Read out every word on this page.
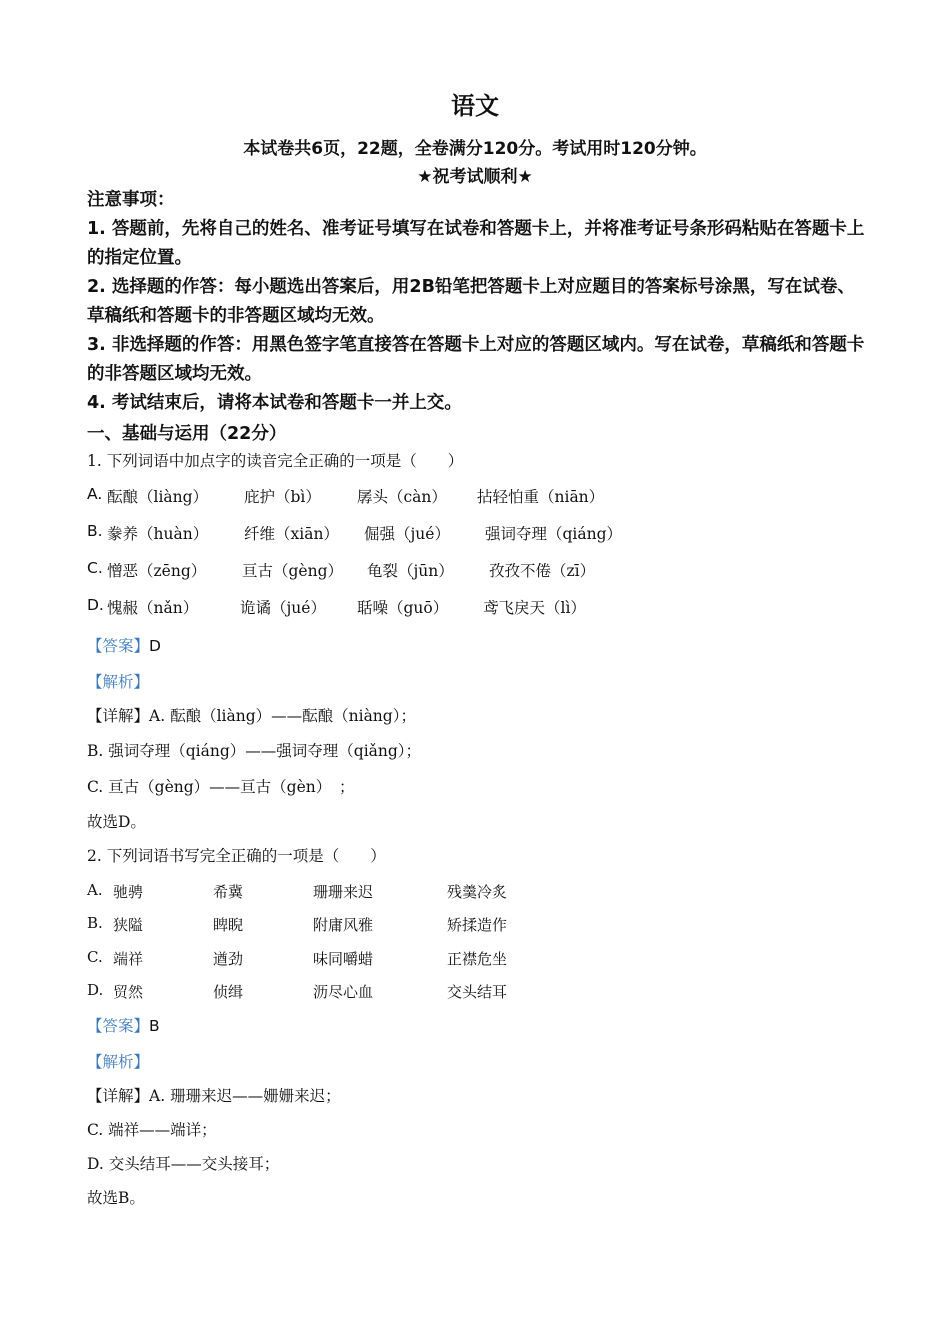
语文
本试卷共6页，22题，全卷满分120分。考试用时120分钟。
★祝考试顺利★

注意事项：

1. 答题前，先将自己的姓名、准考证号填写在试卷和答题卡上，并将准考证号条形码粘贴在答题卡上的指定位置。

2. 选择题的作答：每小题选出答案后，用2B铅笔把答题卡上对应题目的答案标号涂黑，写在试卷、草稿纸和答题卡的非答题区域均无效。

3. 非选择题的作答：用黑色签字笔直接答在答题卡上对应的答题区域内。写在试卷，草稿纸和答题卡的非答题区域均无效。

4. 考试结束后，请将本试卷和答题卡一并上交。

一、基础与运用（22分）
1. 下列词语中加点字的读音完全正确的一项是（　　）
A. 酝酿（liàng） 庇护（bì） 孱头（càn） 拈轻怕重（niān）
B. 豢养（huàn） 纤维（xiān） 倔强（jué） 强词夺理（qiáng）
C. 憎恶（zēng） 亘古（gèng） 龟裂（jūn） 孜孜不倦（zī）
D. 愧赧（nǎn）	诡谲（jué） 聒噪（guō） 鸢飞戾天（lì）
【答案】D
【解析】
【详解】A. 酝酿（liàng）——酝酿（niàng）；
B. 强词夺理（qiáng）——强词夺理（qiǎng）；
C. 亘古（gèng）——亘古（gèn）　；
故选D。
2. 下列词语书写完全正确的一项是（　　）
A. 驰骋	希冀	珊珊来迟	残羹冷炙
B. 狭隘	睥睨	附庸风雅	矫揉造作
C. 端祥	遒劲	味同嚼蜡	正襟危坐
D. 贸然	侦缉	沥尽心血	交头结耳
【答案】B
【解析】
【详解】A. 珊珊来迟——姗姗来迟；
C. 端祥——端详；
D. 交头结耳——交头接耳；
故选B。
